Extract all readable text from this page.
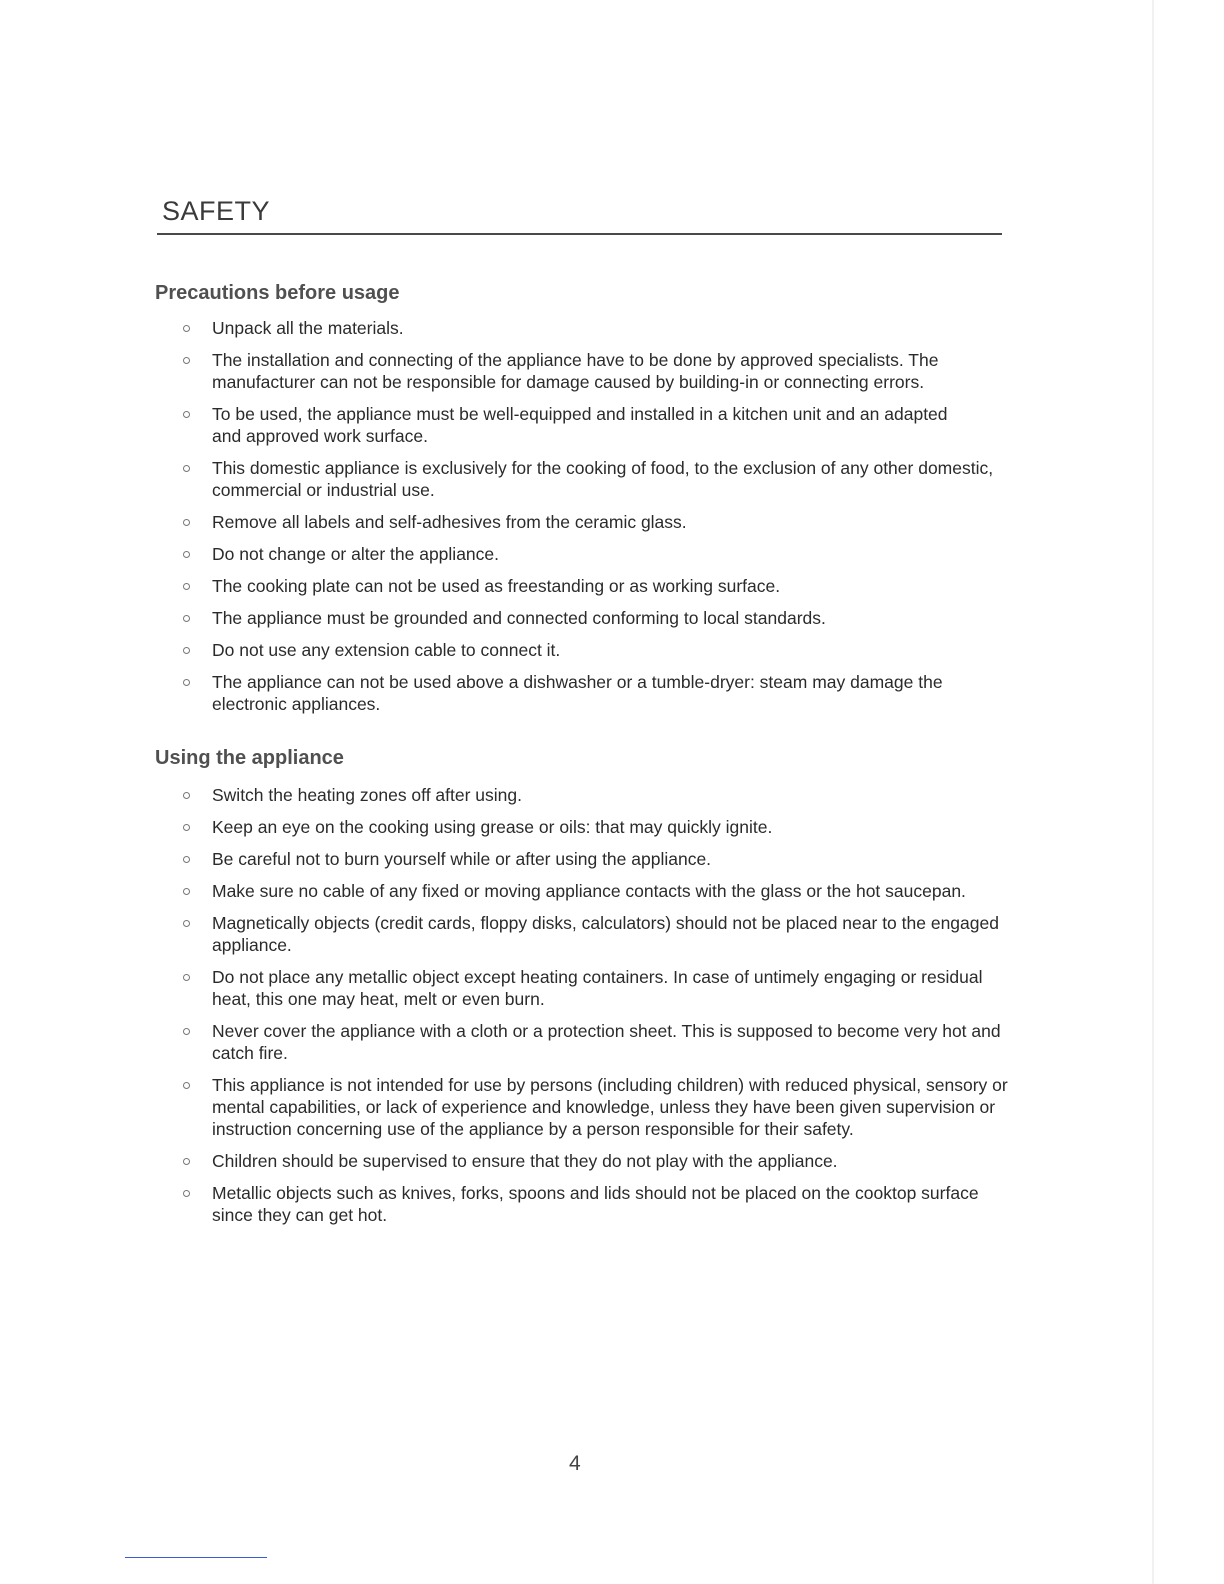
SAFETY
Precautions before usage
Unpack all the materials.
The installation and connecting of the appliance have to be done by approved specialists. The manufacturer can not be responsible for damage caused by building-in or connecting errors.
To be used, the appliance must be well-equipped and installed in a kitchen unit and an adapted and approved work surface.
This domestic appliance is exclusively for the cooking of food, to the exclusion of any other domestic, commercial or industrial use.
Remove all labels and self-adhesives from the ceramic glass.
Do not change or alter the appliance.
The cooking plate can not be used as freestanding or as working surface.
The appliance must be grounded and connected conforming to local standards.
Do not use any extension cable to connect it.
The appliance can not be used above a dishwasher or a tumble-dryer: steam may damage the electronic appliances.
Using the appliance
Switch the heating zones off after using.
Keep an eye on the cooking using grease or oils: that may quickly ignite.
Be careful not to burn yourself while or after using the appliance.
Make sure no cable of any fixed or moving appliance contacts with the glass or the hot saucepan.
Magnetically objects (credit cards, floppy disks, calculators) should not be placed near to the engaged appliance.
Do not place any metallic object except heating containers. In case of untimely engaging or residual heat, this one may heat, melt or even burn.
Never cover the appliance with a cloth or a protection sheet. This is supposed to become very hot and catch fire.
This appliance is not intended for use by persons (including children) with reduced physical, sensory or mental capabilities, or lack of experience and knowledge, unless they have been given supervision or instruction concerning use of the appliance by a person responsible for their safety.
Children should be supervised to ensure that they do not play with the appliance.
Metallic objects such as knives, forks, spoons and lids should not be placed on the cooktop surface since they can get hot.
4
